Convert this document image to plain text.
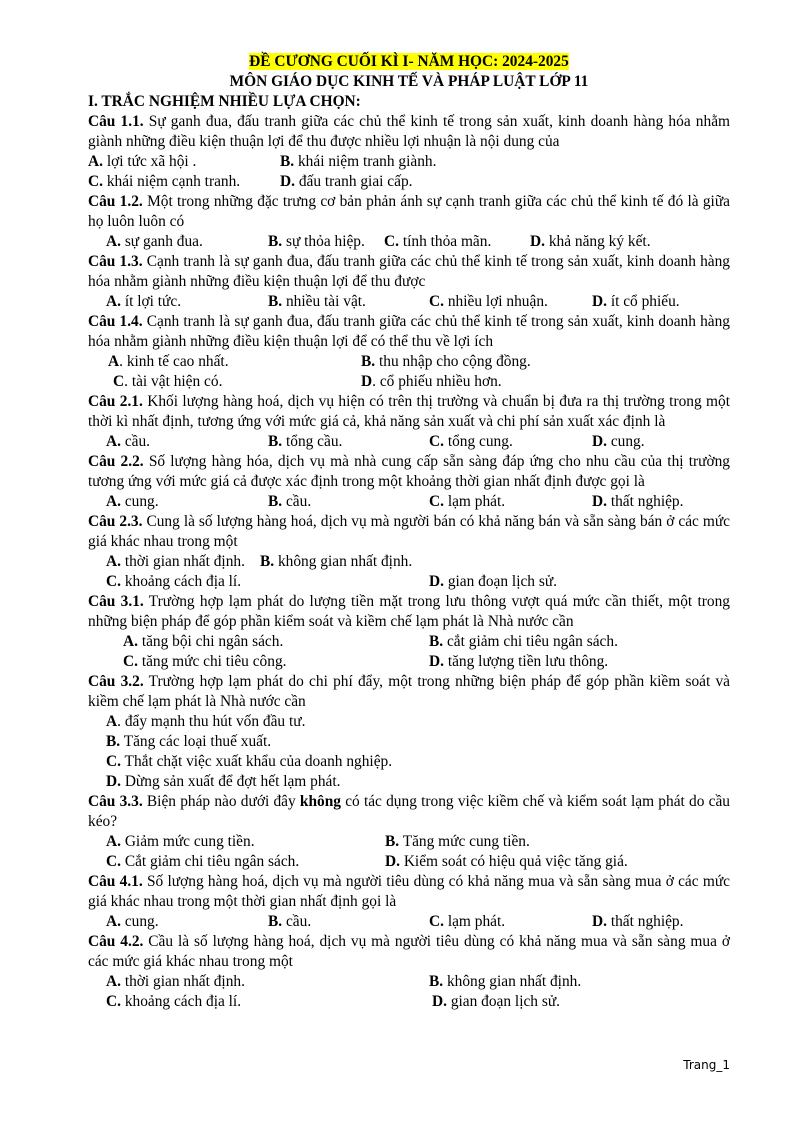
ĐỀ CƯƠNG CUỐI KÌ I- NĂM HỌC: 2024-2025
MÔN GIÁO DỤC KINH TẾ VÀ PHÁP LUẬT LỚP 11
I. TRẮC NGHIỆM NHIỀU LỰA CHỌN:
Câu 1.1. Sự ganh đua, đấu tranh giữa các chủ thể kinh tế trong sản xuất, kinh doanh hàng hóa nhằm giành những điều kiện thuận lợi để thu được nhiều lợi nhuận là nội dung của
A. lợi tức xã hội .	B. khái niệm tranh giành.
C. khái niệm cạnh tranh.	D. đấu tranh giai cấp.
Câu 1.2. Một trong những đặc trưng cơ bản phản ánh sự cạnh tranh giữa các chủ thể kinh tế đó là giữa họ luôn luôn có
A. sự ganh đua.	B. sự thỏa hiệp. C. tính thỏa mãn.	D. khả năng ký kết.
Câu 1.3. Cạnh tranh là sự ganh đua, đấu tranh giữa các chủ thể kinh tế trong sản xuất, kinh doanh hàng hóa nhằm giành những điều kiện thuận lợi để thu được
A. ít lợi tức.	B. nhiều tài vật.	C. nhiều lợi nhuận.	D. ít cổ phiếu.
Câu 1.4. Cạnh tranh là sự ganh đua, đấu tranh giữa các chủ thể kinh tế trong sản xuất, kinh doanh hàng hóa nhằm giành những điều kiện thuận lợi để có thể thu về lợi ích
A. kinh tế cao nhất.	B. thu nhập cho cộng đồng.
C. tài vật hiện có.	D. cổ phiếu nhiều hơn.
Câu 2.1. Khối lượng hàng hoá, dịch vụ hiện có trên thị trường và chuẩn bị đưa ra thị trường trong một thời kì nhất định, tương ứng với mức giá cả, khả năng sản xuất và chi phí sản xuất xác định là
A. cầu.	B. tổng cầu.	C. tổng cung.	D. cung.
Câu 2.2. Số lượng hàng hóa, dịch vụ mà nhà cung cấp sẵn sàng đáp ứng cho nhu cầu của thị trường tương ứng với mức giá cả được xác định trong một khoảng thời gian nhất định được gọi là
A. cung.	B. cầu.	C. lạm phát.	D. thất nghiệp.
Câu 2.3. Cung là số lượng hàng hoá, dịch vụ mà người bán có khả năng bán và sẵn sàng bán ở các mức giá khác nhau trong một
A. thời gian nhất định. B. không gian nhất định.
C. khoảng cách địa lí.	D. gian đoạn lịch sử.
Câu 3.1. Trường hợp lạm phát do lượng tiền mặt trong lưu thông vượt quá mức cần thiết, một trong những biện pháp để góp phần kiểm soát và kiềm chế lạm phát là Nhà nước cần
A. tăng bội chi ngân sách.	B. cắt giảm chi tiêu ngân sách.
C. tăng mức chi tiêu công.	D. tăng lượng tiền lưu thông.
Câu 3.2. Trường hợp lạm phát do chi phí đẩy, một trong những biện pháp để góp phần kiềm soát và kiềm chế lạm phát là Nhà nước cần
A. đẩy mạnh thu hút vốn đầu tư.
B. Tăng các loại thuế xuất.
C. Thắt chặt việc xuất khẩu của doanh nghiệp.
D. Dừng sản xuất để đợt hết lạm phát.
Câu 3.3. Biện pháp nào dưới đây không có tác dụng trong việc kiềm chế và kiểm soát lạm phát do cầu kéo?
A. Giảm mức cung tiền.	B. Tăng mức cung tiền.
C. Cắt giảm chi tiêu ngân sách.	D. Kiểm soát có hiệu quả việc tăng giá.
Câu 4.1. Số lượng hàng hoá, dịch vụ mà người tiêu dùng có khả năng mua và sẵn sàng mua ở các mức giá khác nhau trong một thời gian nhất định gọi là
A. cung.	B. cầu.	C. lạm phát.	D. thất nghiệp.
Câu 4.2. Cầu là số lượng hàng hoá, dịch vụ mà người tiêu dùng có khả năng mua và sẵn sàng mua ở các mức giá khác nhau trong một
A. thời gian nhất định.	B. không gian nhất định.
C. khoảng cách địa lí.	D. gian đoạn lịch sử.
Trang_1
